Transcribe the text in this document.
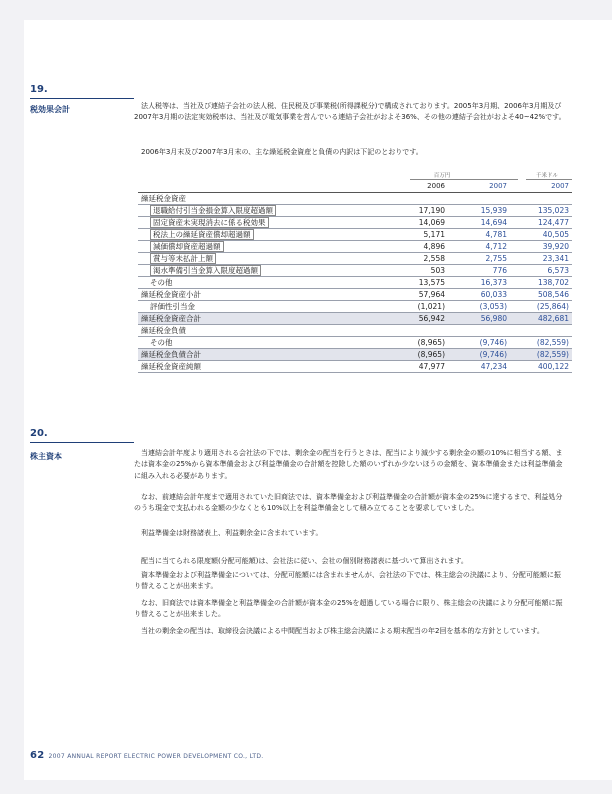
19.
税効果会計	法人税等は、当社及び連結子会社の法人税、住民税及び事業税(所得課税分)で構成されております。2005年3月期、2006年3月期及び2007年3月期の法定実効税率は、当社及び電気事業を営んでいる連結子会社がおよそ36%、その他の連結子会社がおよそ40~42%です。

2006年3月末及び2007年3月末の、主な繰延税金資産と負債の内訳は下記のとおりです。

百万円	千米ドル
	2006	2007	2007
繰延税金資産			
退職給付引当金損金算入限度超過額	17,190	15,939	135,023
固定資産未実現消去に係る税効果	14,069	14,694	124,477
税法上の繰延資産償却超過額	5,171	4,781	40,505
減価償却資産超過額	4,896	4,712	39,920
賞与等未払計上額	2,558	2,755	23,341
渇水準備引当金算入限度超過額	503	776	6,573
その他	13,575	16,373	138,702
繰延税金資産小計	57,964	60,033	508,546
評価性引当金	(1,021)	(3,053)	(25,864)
繰延税金資産合計	56,942	56,980	482,681
繰延税金負債			
その他	(8,965)	(9,746)	(82,559)
繰延税金負債合計	(8,965)	(9,746)	(82,559)
繰延税金資産純額	47,977	47,234	400,122
20.
株主資本	当連結会計年度より適用される会社法の下では、剰余金の配当を行うときは、配当により減少する剰余金の額の10%に相当する額、または資本金の25%から資本準備金および利益準備金の合計額を控除した額のいずれか少ないほうの金額を、資本準備金または利益準備金に組み入れる必要があります。

なお、前連結会計年度まで適用されていた旧商法では、資本準備金および利益準備金の合計額が資本金の25%に達するまで、利益処分のうち現金で支払われる金額の少なくとも10%以上を利益準備金として積み立てることを要求していました。

利益準備金は財務諸表上、利益剰余金に含まれています。

配当に当てられる限度額(分配可能額)は、会社法に従い、会社の個別財務諸表に基づいて算出されます。

資本準備金および利益準備金については、分配可能額には含まれませんが、会社法の下では、株主総会の決議により、分配可能額に振り替えることが出来ます。

なお、旧商法では資本準備金と利益準備金の合計額が資本金の25%を超過している場合に限り、株主総会の決議により分配可能額に振り替えることが出来ました。

当社の剰余金の配当は、取締役会決議による中間配当および株主総会決議による期末配当の年2回を基本的な方針としています。

62 2007 ANNUAL REPORT ELECTRIC POWER DEVELOPMENT CO., LTD.
